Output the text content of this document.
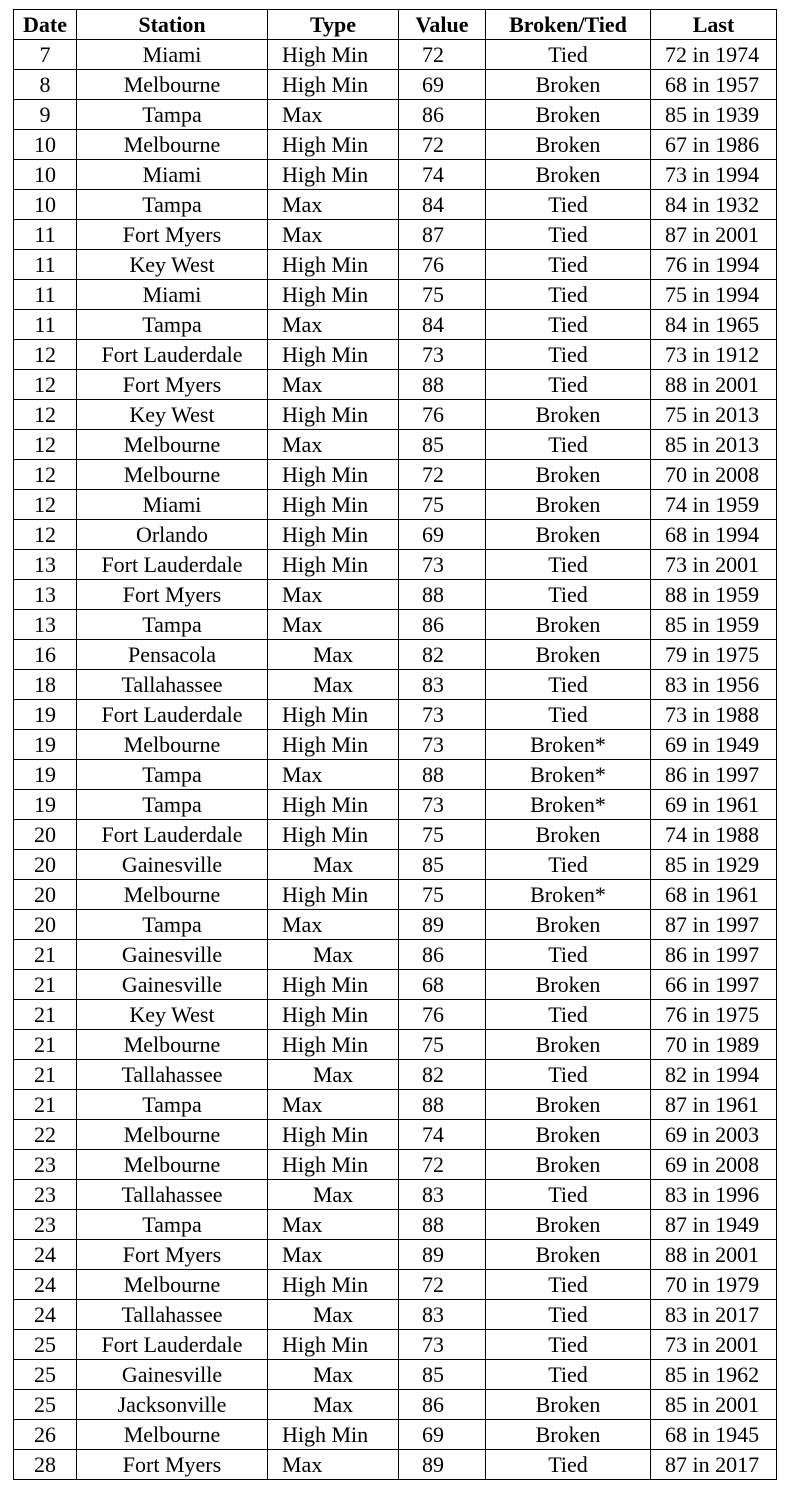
Date	Station	Type	Value	Broken/Tied	Last
7	Miami	High Min	72	Tied	72 in 1974
8	Melbourne	High Min	69	Broken	68 in 1957
9	Tampa	Max	86	Broken	85 in 1939
10	Melbourne	High Min	72	Broken	67 in 1986
10	Miami	High Min	74	Broken	73 in 1994
10	Tampa	Max	84	Tied	84 in 1932
11	Fort Myers	Max	87	Tied	87 in 2001
11	Key West	High Min	76	Tied	76 in 1994
11	Miami	High Min	75	Tied	75 in 1994
11	Tampa	Max	84	Tied	84 in 1965
12	Fort Lauderdale	High Min	73	Tied	73 in 1912
12	Fort Myers	Max	88	Tied	88 in 2001
12	Key West	High Min	76	Broken	75 in 2013
12	Melbourne	Max	85	Tied	85 in 2013
12	Melbourne	High Min	72	Broken	70 in 2008
12	Miami	High Min	75	Broken	74 in 1959
12	Orlando	High Min	69	Broken	68 in 1994
13	Fort Lauderdale	High Min	73	Tied	73 in 2001
13	Fort Myers	Max	88	Tied	88 in 1959
13	Tampa	Max	86	Broken	85 in 1959
16	Pensacola	Max	82	Broken	79 in 1975
18	Tallahassee	Max	83	Tied	83 in 1956
19	Fort Lauderdale	High Min	73	Tied	73 in 1988
19	Melbourne	High Min	73	Broken*	69 in 1949
19	Tampa	Max	88	Broken*	86 in 1997
19	Tampa	High Min	73	Broken*	69 in 1961
20	Fort Lauderdale	High Min	75	Broken	74 in 1988
20	Gainesville	Max	85	Tied	85 in 1929
20	Melbourne	High Min	75	Broken*	68 in 1961
20	Tampa	Max	89	Broken	87 in 1997
21	Gainesville	Max	86	Tied	86 in 1997
21	Gainesville	High Min	68	Broken	66 in 1997
21	Key West	High Min	76	Tied	76 in 1975
21	Melbourne	High Min	75	Broken	70 in 1989
21	Tallahassee	Max	82	Tied	82 in 1994
21	Tampa	Max	88	Broken	87 in 1961
22	Melbourne	High Min	74	Broken	69 in 2003
23	Melbourne	High Min	72	Broken	69 in 2008
23	Tallahassee	Max	83	Tied	83 in 1996
23	Tampa	Max	88	Broken	87 in 1949
24	Fort Myers	Max	89	Broken	88 in 2001
24	Melbourne	High Min	72	Tied	70 in 1979
24	Tallahassee	Max	83	Tied	83 in 2017
25	Fort Lauderdale	High Min	73	Tied	73 in 2001
25	Gainesville	Max	85	Tied	85 in 1962
25	Jacksonville	Max	86	Broken	85 in 2001
26	Melbourne	High Min	69	Broken	68 in 1945
28	Fort Myers	Max	89	Tied	87 in 2017
